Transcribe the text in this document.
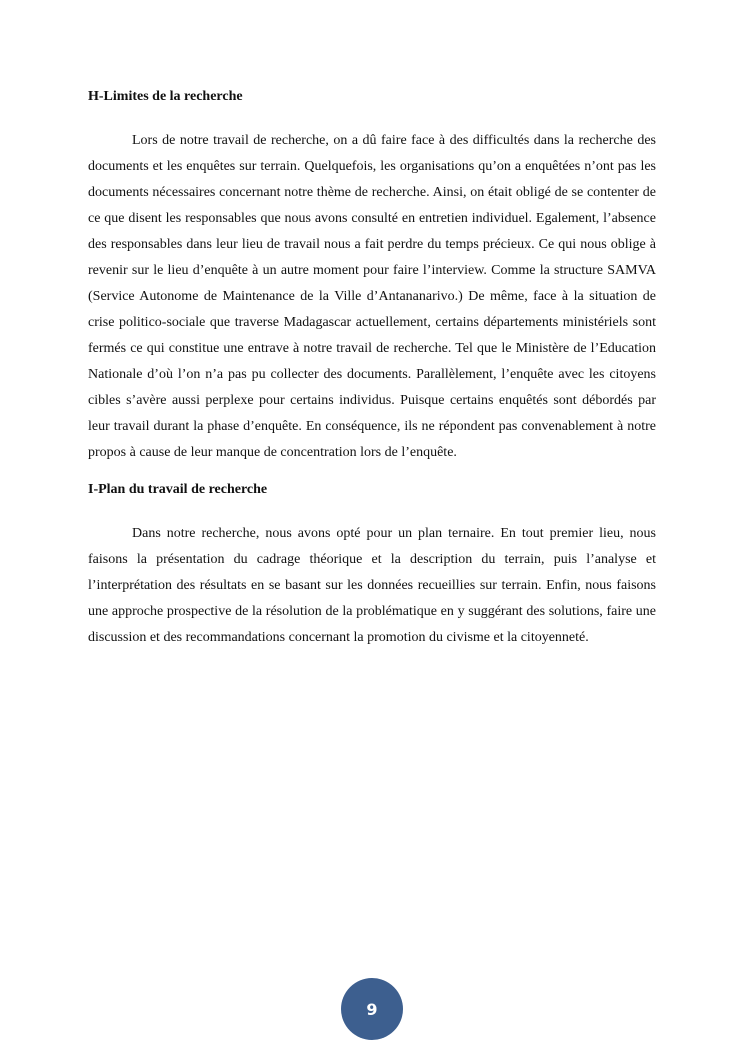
H-Limites de la recherche

Lors de notre travail de recherche, on a dû faire face à des difficultés dans la recherche des documents et les enquêtes sur terrain. Quelquefois, les organisations qu’on a enquêtées n’ont pas les documents nécessaires concernant notre thème de recherche. Ainsi, on était obligé de se contenter de ce que disent les responsables que nous avons consulté en entretien individuel. Egalement, l’absence des responsables dans leur lieu de travail nous a fait perdre du temps précieux. Ce qui nous oblige à revenir sur le lieu d’enquête à un autre moment pour faire l’interview. Comme la structure SAMVA (Service Autonome de Maintenance de la Ville d’Antananarivo.) De même, face à la situation de crise politico-sociale que traverse Madagascar actuellement, certains départements ministériels sont fermés ce qui constitue une entrave à notre travail de recherche. Tel que le Ministère de l’Education Nationale d’où l’on n’a pas pu collecter des documents. Parallèlement, l’enquête avec les citoyens cibles s’avère aussi perplexe pour certains individus. Puisque certains enquêtés sont débordés par leur travail durant la phase d’enquête. En conséquence, ils ne répondent pas convenablement à notre propos à cause de leur manque de concentration lors de l’enquête.

I-Plan du travail de recherche

Dans notre recherche, nous avons opté pour un plan ternaire. En tout premier lieu, nous faisons la présentation du cadrage théorique et la description du terrain, puis l’analyse et l’interprétation des résultats en se basant sur les données recueillies sur terrain. Enfin, nous faisons une approche prospective de la résolution de la problématique en y suggérant des solutions, faire une discussion et des recommandations concernant la promotion du civisme et la citoyenneté.

9
